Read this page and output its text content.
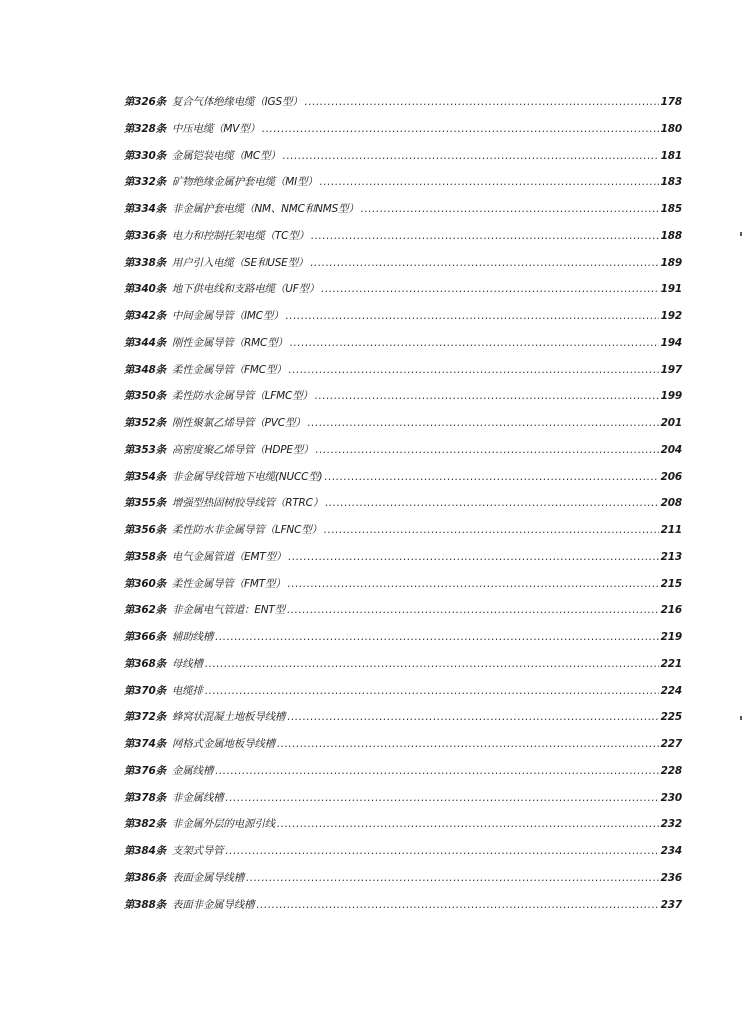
第326条 复合气体绝缘电缆（IGS型） .....	178
第328条 中压电缆（MV型） .....	180
第330条 金属铠装电缆（MC型） .....	181
第332条 矿物绝缘金属护套电缆（MI型） .....	183
第334条 非金属护套电缆（NM、NMC和NMS型） .....	185
第336条 电力和控制托架电缆（TC型） .....	188
第338条 用户引入电缆（SE和USE型） .....	189
第340条 地下供电线和支路电缆（UF型） .....	191
第342条 中间金属导管（IMC型） .....	192
第344条 刚性金属导管（RMC型） .....	194
第348条 柔性金属导管（FMC型） .....	197
第350条 柔性防水金属导管（LFMC型） .....	199
第352条 刚性聚氯乙烯导管（PVC型） .....	201
第353条 高密度聚乙烯导管（HDPE型） .....	204
第354条 非金属导线管地下电缆(NUCC型) .....	206
第355条 增强型热固树胶导线管（RTRC） .....	208
第356条 柔性防水非金属导管（LFNC型） .....	211
第358条 电气金属管道（EMT型） .....	213
第360条 柔性金属导管（FMT型） .....	215
第362条 非金属电气管道：ENT型 .....	216
第366条 辅助线槽 .....	219
第368条 母线槽 .....	221
第370条 电缆排 .....	224
第372条 蜂窝状混凝土地板导线槽 .....	225
第374条 网格式金属地板导线槽 .....	227
第376条 金属线槽 .....	228
第378条 非金属线槽 .....	230
第382条 非金属外层的电源引线 .....	232
第384条 支架式导管 .....	234
第386条 表面金属导线槽 .....	236
第388条 表面非金属导线槽 .....	237
